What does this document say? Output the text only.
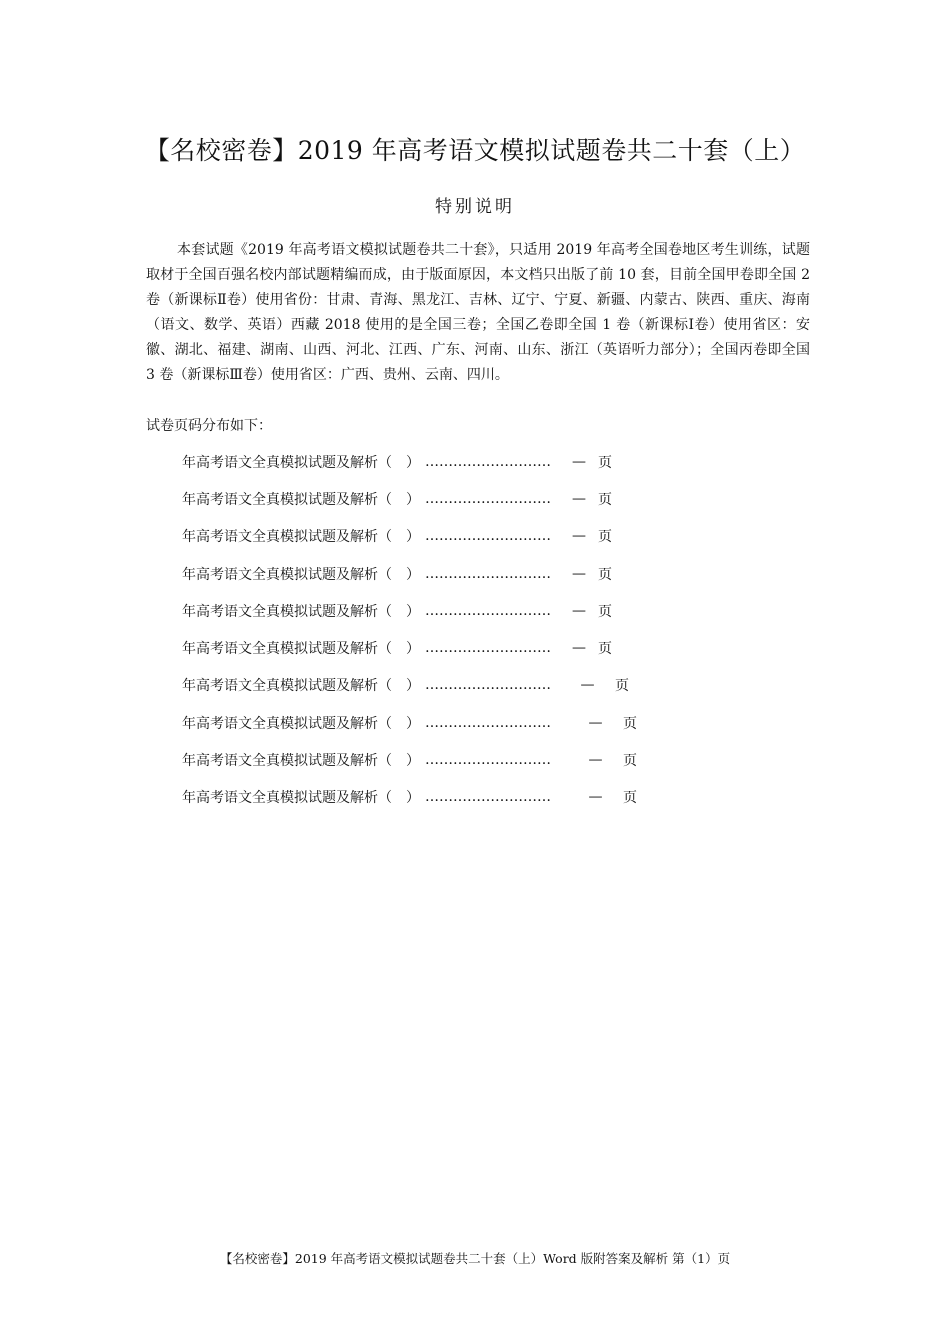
【名校密卷】2019 年高考语文模拟试题卷共二十套（上）
特别说明

本套试题《2019 年高考语文模拟试题卷共二十套》，只适用 2019 年高考全国卷地区考生训练，试题取材于全国百强名校内部试题精编而成，由于版面原因，本文档只出版了前 10 套，目前全国甲卷即全国 2 卷（新课标Ⅱ卷）使用省份：甘肃、青海、黑龙江、吉林、辽宁、宁夏、新疆、内蒙古、陕西、重庆、海南（语文、数学、英语）西藏 2018 使用的是全国三卷；全国乙卷即全国 1 卷（新课标Ⅰ卷）使用省区：安徽、湖北、福建、湖南、山西、河北、江西、广东、河南、山东、浙江（英语听力部分）；全国丙卷即全国 3 卷（新课标Ⅲ卷）使用省区：广西、贵州、云南、四川。

试卷页码分布如下：

年高考语文全真模拟试题及解析（　） ………………………	— 页
年高考语文全真模拟试题及解析（　） ………………………	— 页
年高考语文全真模拟试题及解析（　） ………………………	— 页
年高考语文全真模拟试题及解析（　） ………………………	— 页
年高考语文全真模拟试题及解析（　） ………………………	— 页
年高考语文全真模拟试题及解析（　） ………………………	— 页
年高考语文全真模拟试题及解析（　） ………………………	—	页
年高考语文全真模拟试题及解析（　） ………………………	—	页
年高考语文全真模拟试题及解析（　） ………………………	—	页
年高考语文全真模拟试题及解析（　） ………………………	—	页
【名校密卷】2019 年高考语文模拟试题卷共二十套（上）Word 版附答案及解析 第（1）页
